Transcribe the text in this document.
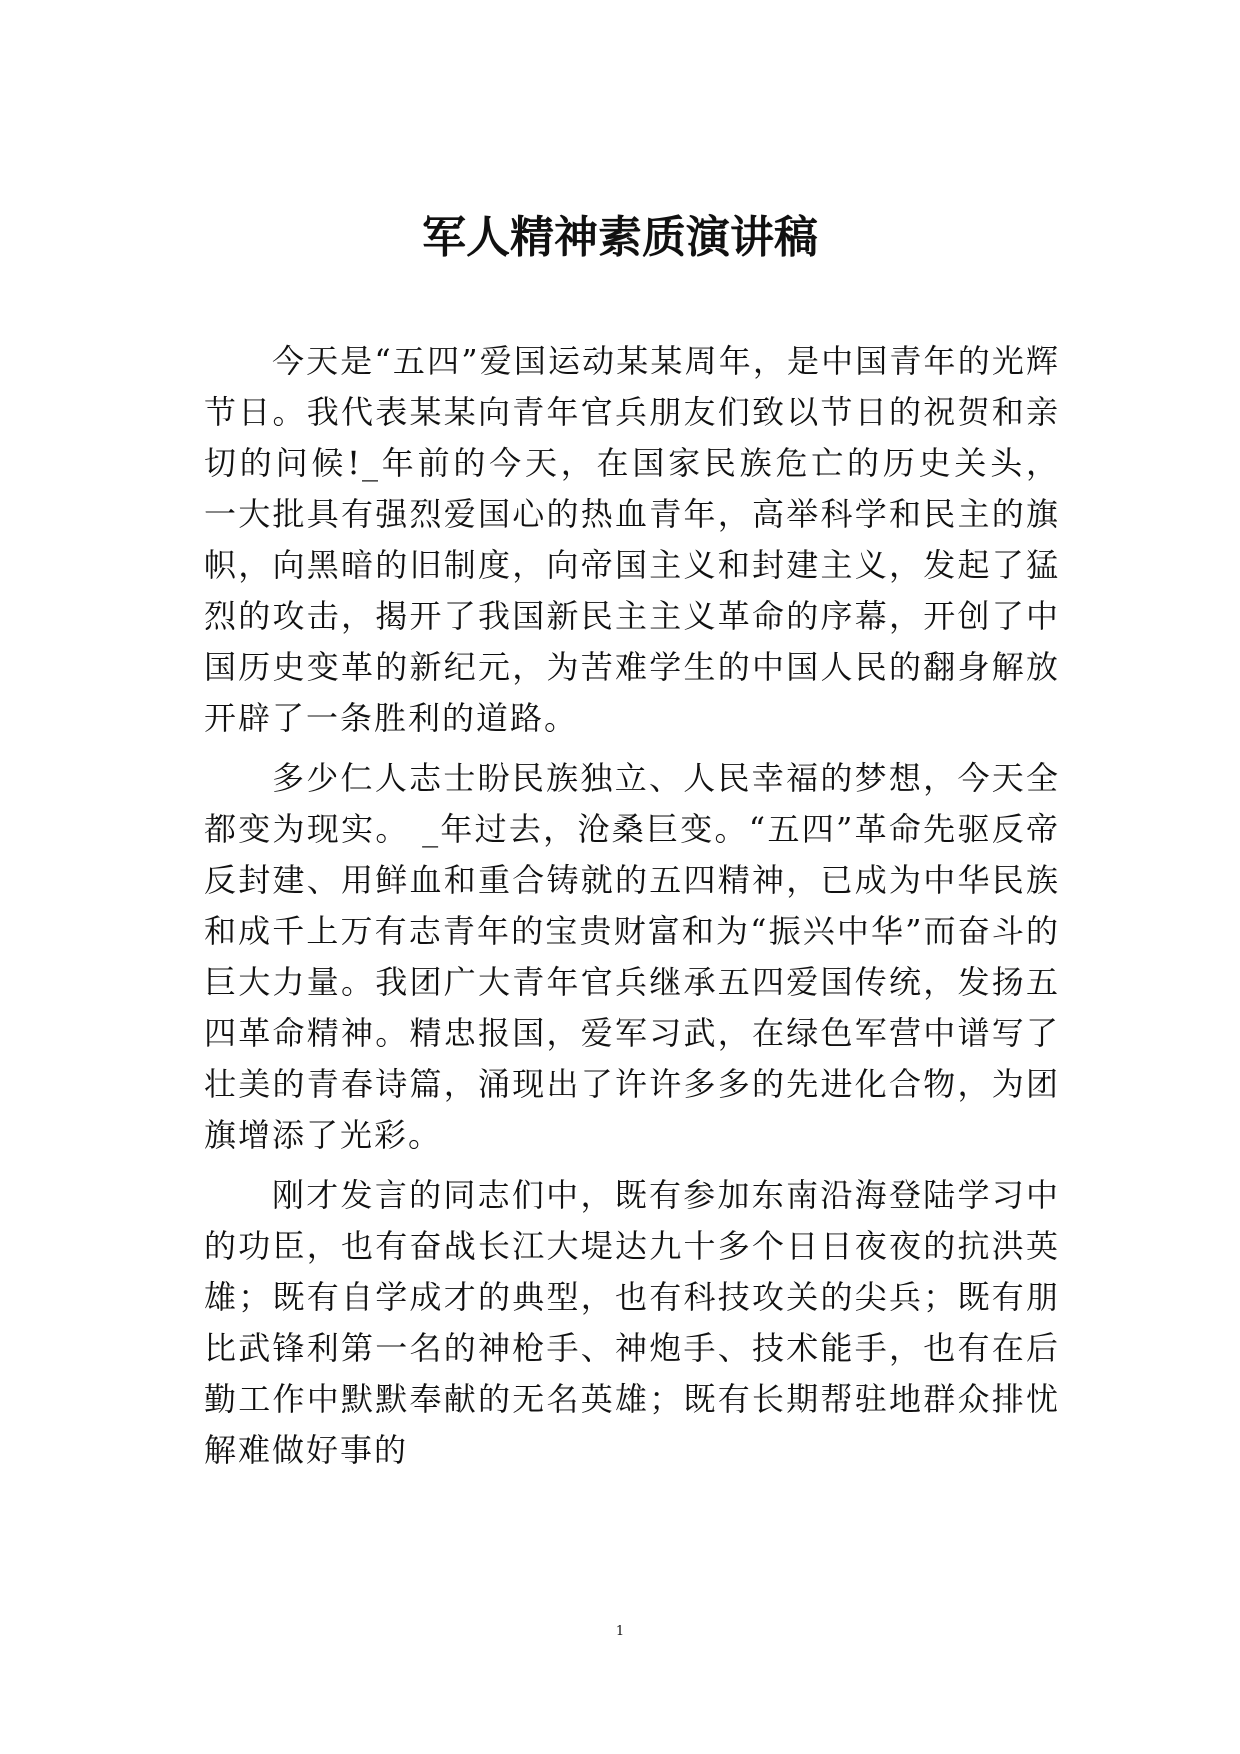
军人精神素质演讲稿

今天是“五四”爱国运动某某周年，是中国青年的光辉节日。我代表某某向青年官兵朋友们致以节日的祝贺和亲切的问候!_年前的今天，在国家民族危亡的历史关头， 一大批具有强烈爱国心的热血青年，高举科学和民主的旗帜，向黑暗的旧制度，向帝国主义和封建主义，发起了猛烈的攻击，揭开了我国新民主主义革命的序幕，开创了中国历史变革的新纪元，为苦难学生的中国人民的翻身解放开辟了一条胜利的道路。

多少仁人志士盼民族独立、人民幸福的梦想，今天全都变为现实。 _年过去，沧桑巨变。“五四”革命先驱反帝反封建、用鲜血和重合铸就的五四精神，已成为中华民族和成千上万有志青年的宝贵财富和为“振兴中华”而奋斗的巨大力量。我团广大青年官兵继承五四爱国传统，发扬五四革命精神。精忠报国，爱军习武，在绿色军营中谱写了壮美的青春诗篇，涌现出了许许多多的先进化合物，为团旗增添了光彩。

刚才发言的同志们中，既有参加东南沿海登陆学习中的功臣，也有奋战长江大堤达九十多个日日夜夜的抗洪英雄；既有自学成才的典型，也有科技攻关的尖兵；既有朋比武锋利第一名的神枪手、神炮手、技术能手，也有在后勤工作中默默奉献的无名英雄；既有长期帮驻地群众排忧解难做好事的

1
